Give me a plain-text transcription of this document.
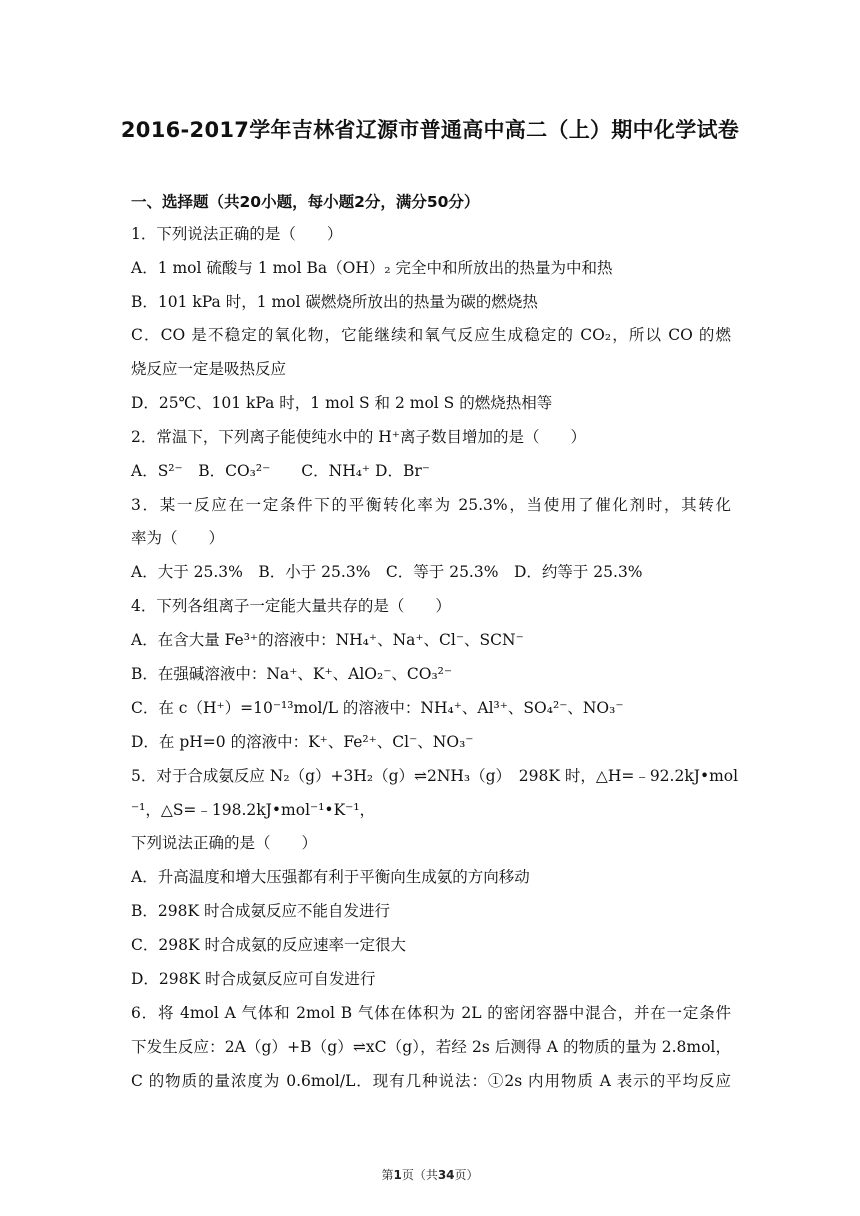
2016-2017学年吉林省辽源市普通高中高二（上）期中化学试卷
一、选择题（共20小题，每小题2分，满分50分）
1．下列说法正确的是（　　）
A．1 mol 硫酸与 1 mol Ba（OH）₂ 完全中和所放出的热量为中和热
B．101 kPa 时，1 mol 碳燃烧所放出的热量为碳的燃烧热
C．CO 是不稳定的氧化物，它能继续和氧气反应生成稳定的 CO₂，所以 CO 的燃
烧反应一定是吸热反应
D．25℃、101 kPa 时，1 mol S 和 2 mol S 的燃烧热相等
2．常温下，下列离子能使纯水中的 H⁺离子数目增加的是（　　）
A．S²⁻　B．CO₃²⁻　　C．NH₄⁺ D．Br⁻
3．某一反应在一定条件下的平衡转化率为 25.3%，当使用了催化剂时，其转化
率为（　　）
A．大于 25.3%　B．小于 25.3%　C．等于 25.3%　D．约等于 25.3%
4．下列各组离子一定能大量共存的是（　　）
A．在含大量 Fe³⁺的溶液中：NH₄⁺、Na⁺、Cl⁻、SCN⁻
B．在强碱溶液中：Na⁺、K⁺、AlO₂⁻、CO₃²⁻
C．在 c（H⁺）=10⁻¹³mol/L 的溶液中：NH₄⁺、Al³⁺、SO₄²⁻、NO₃⁻
D．在 pH=0 的溶液中：K⁺、Fe²⁺、Cl⁻、NO₃⁻
5．对于合成氨反应 N₂（g）+3H₂（g）⇌2NH₃（g）　298K 时，△H=﹣92.2kJ•mol
⁻¹，△S=﹣198.2kJ•mol⁻¹•K⁻¹，
下列说法正确的是（　　）
A．升高温度和增大压强都有利于平衡向生成氨的方向移动
B．298K 时合成氨反应不能自发进行
C．298K 时合成氨的反应速率一定很大
D．298K 时合成氨反应可自发进行
6．将 4mol A 气体和 2mol B 气体在体积为 2L 的密闭容器中混合，并在一定条件
下发生反应：2A（g）+B（g）⇌xC（g），若经 2s 后测得 A 的物质的量为 2.8mol，
C 的物质的量浓度为 0.6mol/L．现有几种说法：①2s 内用物质 A 表示的平均反应
第1页（共34页）
